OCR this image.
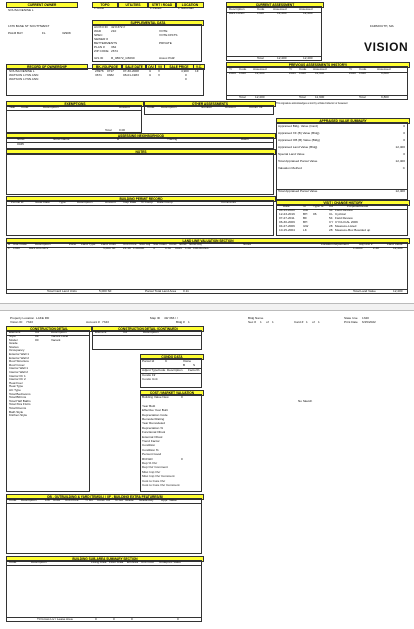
CURRENT OWNER	TOPO	UTILITIES	STRT / ROAD	LOCATION	CURRENT ASSESSMENT
1 Level	1 Paved	1 Suburban
SOUSA DENISE L
1376 BASE ST SOUTHWEST
PALM BAY	FL	32908
Description	Code	Assessed	Assessed
RES LAND	1320	12,400	12,400
Total	12,400	12,400
FARMOUTH, MA
VISION
SUPPLEMENTAL DATA
Alt Prcl ID 42 K372 //
WAD	210
SPEC
SEWER #
BETTERMENTS
PLAN # 362
ZIP CODE 2674
GIS ID R_08672_G5090
VOTE
VOTE DISTS
PRIVATE
Assoc Pid#
RECORD OF OWNERSHIP	BK-VOL/PAGE	SALE DATE	Q/U	V/I	SALE PRICE	V.C.	PREVIOUS ASSESSMENTS (HISTORY)
SOUSA DENISE L	23976 0717	07-30-2008	U V	4,900 1F
WATSON LYNN ANN	3671 0382	08-01-1983	U V	0
WATSON LYNN ANN	0
Yr Code Assessed	Yr Code Assessed	Yr Code	Assessed
2009 1320	12,400	2021 1320	11,900	2020 1320	9,800
Total	12,400	Total	11,900	Total	9,800
EXEMPTIONS	OTHER ASSESSMENTS
Year Code	Description	Amount
Total 0.00
Code Description	Number	Amount	Comm Int
This signature acknowledges a visit by a Data Collector or Assessor
ASSESSING NEIGHBORHOOD
Nbhd	Nbhd Name	B	Tracing	Batch
0045
NOTES
APPRAISED VALUE SUMMARY
Appraised Bldg. Value (Card)	0
Appraised XF (B) Value (Bldg)	0
Appraised OB (B) Value (Bldg)	0
Appraised Land Value (Bldg)	12,400
Special Land Value	0
Total Appraised Parcel Value	12,400
Valuation Method	C
Total Appraised Parcel Value	12,400
BUILDING PERMIT RECORD
Permit Id	Issue Date	Type	Description	Amount Insp Date % Comp Date Comp	Comments	VISIT / CHANGE HISTORY
Date	Id Type Is Cd	Purpose/Result
04-13-2020	WB	54 Field Review
12-23-2016	BH 06	CL Cyclical
07-27-2011	BF	54 Field Review
06-30-2009	BH	CY CYCLICAL 2009
04-27-2006	GW	28 Measure-Listed
10-15-2004	LK	28 Measure-Box Boarded up
LAND LINE VALUATION SECTION
B Use Code	Description	Zone Land Type Land Units Unit Price Size Adj Site Index Cond Nbhd Nbhd Adj	Notes	Location Adjustment	Adj Unit P	Land Value
1 1320	RES ACLNDV	5,000 SF 21.18 1.00000	4	0.50 0045 1.00 100-BCALL	1.0000	2.48	12,400
Total Card Land Units	5,000 SF	Parcel Total Land Area 0.11	Total Land Value	12,400
Property Location LAKE RD
Vision ID 7343	Account # 7343
Map ID 49/ 366 / /
Bldg # 1
Bldg Name
Sec # 1 of 1	Card # 1 of 1
State Use 1320
Print Date 6/15/2022
CONSTRUCTION DETAIL	CONSTRUCTION DETAIL (CONTINUED)
Element	Cd	Description
Style	99	Vacant Land
Model	00	Vacant
Grade
Stories
Occupancy
Exterior Wall 1
Exterior Wall 2
Roof Structure
Roof Cover
Interior Wall 1
Interior Wall 2
Interior Flr 1
Interior Flr 2
Heat Fuel
Heat Type
AC Type
Total Bedrooms
Total Bthrms
Total Half Baths
Total Xtra Fixtrs
Total Rooms
Bath Style
Kitchen Style
Element	Cd	Description
CONDO DATA
Parcel Id	C	Owne
B	S
Adjust Type Code Description Factor%
Condo Flr
Condo Unit
COST / MARKET VALUATION
Building Value New	0
Year Built
Effective Year Built
Depreciation Code
Remodel Rating
Year Remodeled
Depreciation %
Functional Obsol
External Obsol
Trend Factor
Condition
Condition %
Percent Good
RCNLD	0
Dep % Ovr
Dep Ovr Comment
Misc Imp Ovr
Misc Imp Ovr Comment
Cost to Cure Ovr
Cost to Cure Ovr Comment
No Sketch
OB - OUTBUILDING & YARD ITEMS(L) / XF - BUILDING EXTRA FEATURES(B)
Code Description	L/B Units Unit Price Yr Blt Cond. Cd % Gd Grade Grade Adj. Appr. Value
BUILDING SUB-AREA SUMMARY SECTION
Code	Description	Living Area Floor Area Eff Area Unit Cost Undeprec Value
Ttl Gross Liv / Lease Area	0	0	0	0
